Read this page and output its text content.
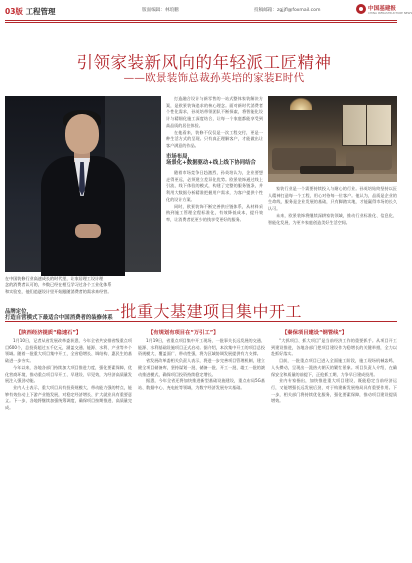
03版 工程管理	版面编辑：林琅鹏	投稿邮箱：zgjjfl@foxmail.com	中国基建报
CHINA INFRASTRUCTURE NEWS
引领家装新风向的年轻派工匠精神
——欧景装饰总裁孙英培的家装E时代
在中国装修行业高速成长的时代里，让家居理工设计理
念的消费者认可的，多数已经在相互学习过各个工业化体系
和实验室，他们追逐设计里开始跟随消费者的需求来经营。
品牌定位，
打造自营模式下最适合中国消费者的装修体系

打造融合设计与新零售的一站式整体家装解决方案，是欧景装饰追求的核心理念。面对新时代消费者个性化需求，孙英培带领团队不断探索，将智能化设计与精细化施工深度结合，让每一个家庭都能享受到高品质的居住体验。

在他看来，装修不仅仅是一次工程交付，更是一种生活方式的呈现。只有真正理解客户，才能做出让客户满意的作品。

市场布局，
场景化+数据驱动+线上线下协同结合

随着市场竞争日趋激烈，孙英培认为，企业要想走得更远，必须建立差异化优势。欧景装饰通过线上引流、线下体验的模式，构建了完整的服务链条，并利用大数据分析精准把握用户需求，为客户提供个性化的设计方案。

同时，欧景装饰不断完善供应链体系，从材料采购到施工管理全程标准化，有效降低成本，提升效率，让消费者花更少的钱享受更好的服务。

家装行业是一个需要持续投入与耐心的行业。孙英培始终坚持以匠人精神打造每一个工程，用心对待每一位客户。他认为，品质是企业的生命线，服务是企业发展的基础，只有脚踏实地，才能赢得市场的长久认可。

未来，欧景装饰将继续深耕家装领域，推动行业标准化、信息化、智能化发展，为更多家庭创造美好生活空间。

一批重大基建项目集中开工
【陕西经济提质“稳速石”】	【有规划有项目在“万引工”】	【秦保项目建设“钢管线”】

1月10日，记者从省发展改革委获悉，今年全省共安排省级重点项目600个，总投资超过五千亿元，涵盖交通、能源、水利、产业等多个领域。随着一批重大项目集中开工，全省稳增长、调结构、惠民生的基础进一步夯实。

今年以来，各地各部门持续加大项目推进力度，强化要素保障，优化营商环境，推动重点项目早开工、早建设、早见效，为经济高质量发展注入强劲动能。

业内人士表示，重大项目具有投资规模大、带动能力强的特点，能够有效拉动上下游产业链发展，对稳定经济增长、扩大就业具有重要意义。下一步，各地将继续加强统筹调度，确保项目按期推进、高质量完成。

1月19日，省重点项目集中开工现场，一批事关长远发展的交通、能源、水利基础设施项目正式启动。据介绍，本次集中开工的项目总投资规模大、覆盖面广、带动性强，将为区域协调发展提供有力支撑。

省发展改革委相关负责人表示，将进一步完善项目管理机制，建立健全项目储备库，坚持谋划一批、储备一批、开工一批、竣工一批的滚动推进模式，确保项目投资持续稳定增长。

据悉，今年全省还将加快推进新型基础设施建设，重点布局5G基站、数据中心、充电桩等领域，为数字经济发展夯实基础。

“大抓项目、抓大项目”是当前经济工作的重要抓手。从项目开工到建设推进，各地各部门把项目建设作为稳增长的关键举措，全力以赴抓好落实。

目前，一批重点项目已进入全面施工阶段，施工现场机械轰鸣、人头攒动，呈现出一派热火朝天的繁忙景象。项目负责人介绍，在确保安全和质量的前提下，正抢抓工期，力争早日建成投用。

业内专家指出，加快推进重大项目建设，既能稳定当前经济运行，又能增强长远发展后劲，对于构建新发展格局具有重要作用。下一步，相关部门将持续优化服务，强化要素保障，推动项目建设提质增效。
